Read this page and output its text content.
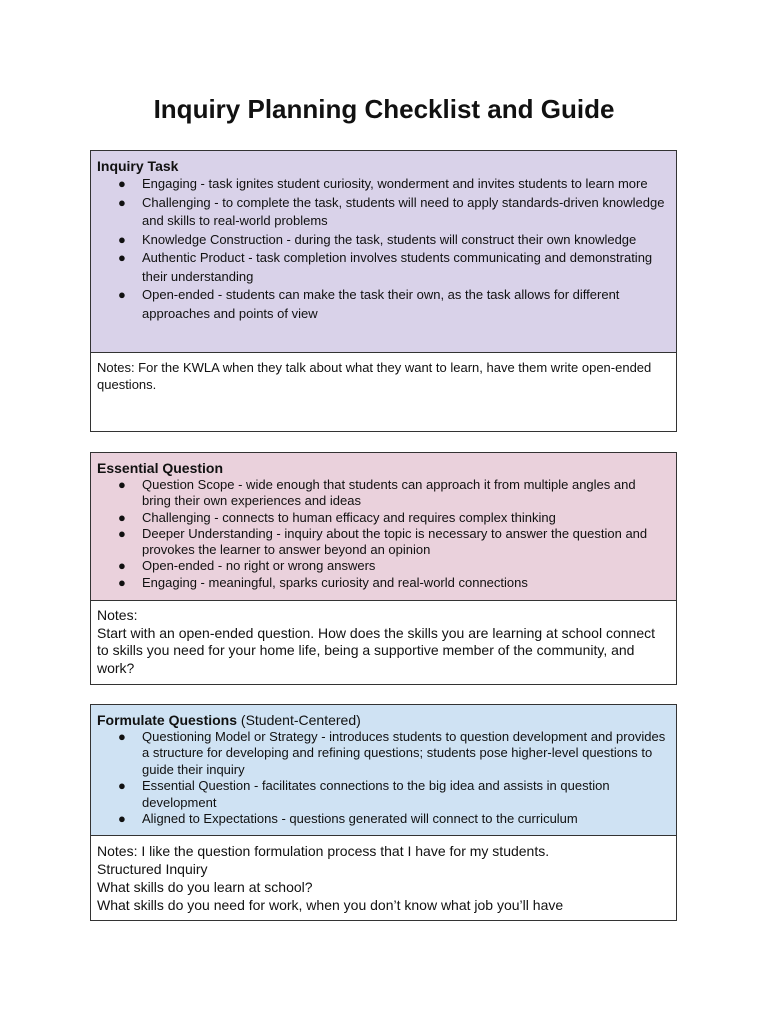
Inquiry Planning Checklist and Guide
Inquiry Task
● Engaging - task ignites student curiosity, wonderment and invites students to learn more
● Challenging - to complete the task, students will need to apply standards-driven knowledge and skills to real-world problems
● Knowledge Construction - during the task, students will construct their own knowledge
● Authentic Product - task completion involves students communicating and demonstrating their understanding
● Open-ended - students can make the task their own, as the task allows for different approaches and points of view
Notes: For the KWLA when they talk about what they want to learn, have them write open-ended questions.
Essential Question
● Question Scope - wide enough that students can approach it from multiple angles and bring their own experiences and ideas
● Challenging - connects to human efficacy and requires complex thinking
● Deeper Understanding - inquiry about the topic is necessary to answer the question and provokes the learner to answer beyond an opinion
● Open-ended - no right or wrong answers
● Engaging - meaningful, sparks curiosity and real-world connections
Notes:
Start with an open-ended question. How does the skills you are learning at school connect to skills you need for your home life, being a supportive member of the community, and work?
Formulate Questions (Student-Centered)
● Questioning Model or Strategy - introduces students to question development and provides a structure for developing and refining questions; students pose higher-level questions to guide their inquiry
● Essential Question - facilitates connections to the big idea and assists in question development
● Aligned to Expectations - questions generated will connect to the curriculum
Notes: I like the question formulation process that I have for my students.
Structured Inquiry
What skills do you learn at school?
What skills do you need for work, when you don’t know what job you’ll have
